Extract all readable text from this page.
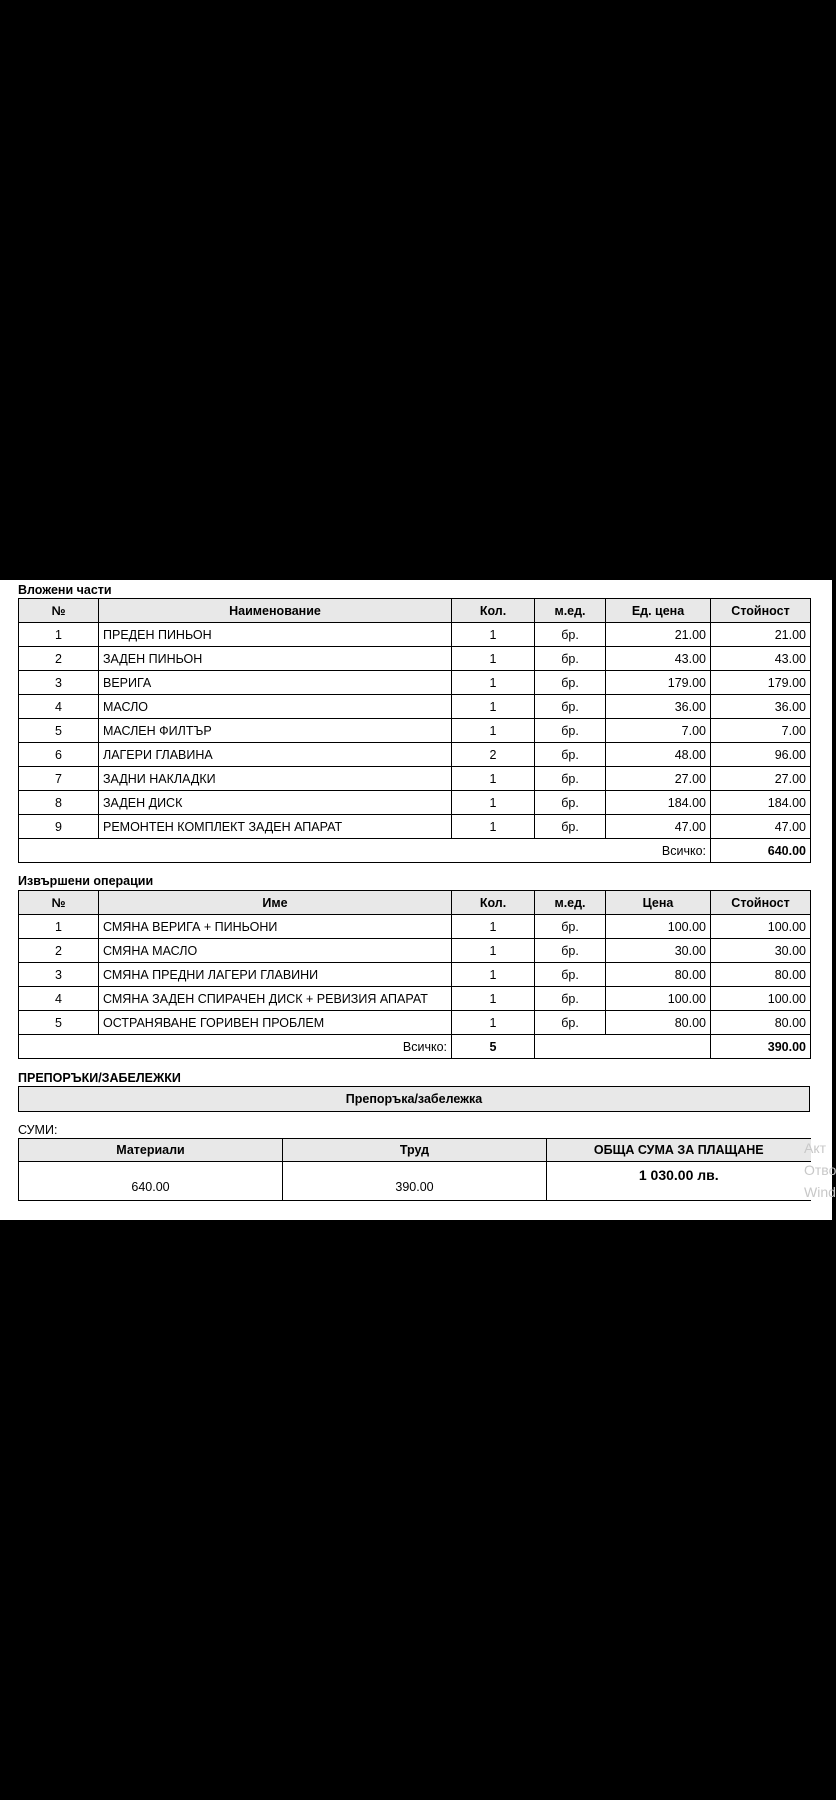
Вложени части
№	Наименование	Кол.	м.ед.	Ед. цена	Стойност
1	ПРЕДЕН ПИНЬОН	1	бр.	21.00	21.00
2	ЗАДЕН ПИНЬОН	1	бр.	43.00	43.00
3	ВЕРИГА	1	бр.	179.00	179.00
4	МАСЛО	1	бр.	36.00	36.00
5	МАСЛЕН ФИЛТЪР	1	бр.	7.00	7.00
6	ЛАГЕРИ ГЛАВИНА	2	бр.	48.00	96.00
7	ЗАДНИ НАКЛАДКИ	1	бр.	27.00	27.00
8	ЗАДЕН ДИСК	1	бр.	184.00	184.00
9	РЕМОНТЕН КОМПЛЕКТ ЗАДЕН АПАРАТ	1	бр.	47.00	47.00
Всичко:					640.00
Извършени операции
№	Име	Кол.	м.ед.	Цена	Стойност
1	СМЯНА ВЕРИГА + ПИНЬОНИ	1	бр.	100.00	100.00
2	СМЯНА МАСЛО	1	бр.	30.00	30.00
3	СМЯНА ПРЕДНИ ЛАГЕРИ ГЛАВИНИ	1	бр.	80.00	80.00
4	СМЯНА ЗАДЕН СПИРАЧЕН ДИСК + РЕВИЗИЯ АПАРАТ	1	бр.	100.00	100.00
5	ОСТРАНЯВАНЕ ГОРИВЕН ПРОБЛЕМ	1	бр.	80.00	80.00
Всичко:		5			390.00
ПРЕПОРЪКИ/ЗАБЕЛЕЖКИ
Препоръка/забележка
СУМИ:
Материали	Труд	ОБЩА СУМА ЗА ПЛАЩАНЕ
640.00	390.00	1 030.00 лв.
Акт
Отво
Wind
